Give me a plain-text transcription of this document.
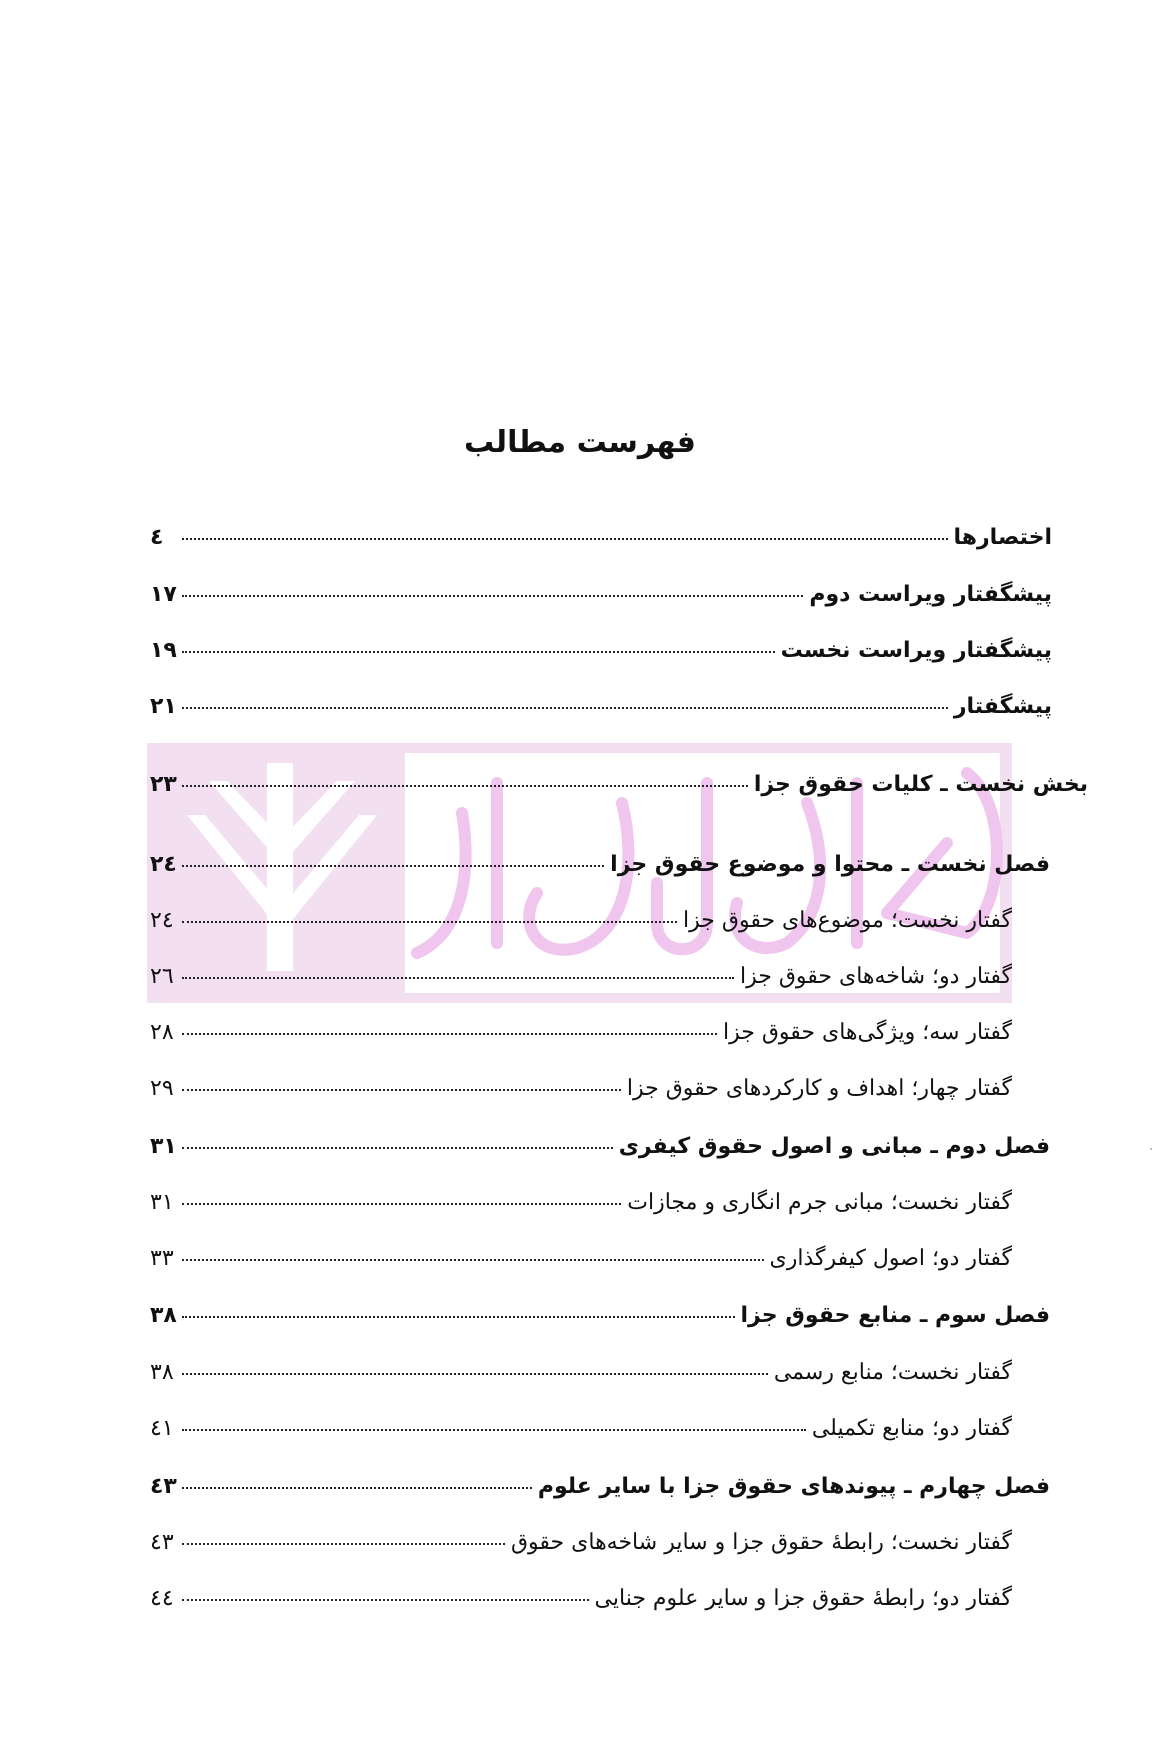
فهرست مطالب
اختصارها
٤
پیشگفتار ویراست دوم
۱۷
پیشگفتار ویراست نخست
۱۹
پیشگفتار
۲۱
بخش نخست ـ کلیات حقوق جزا
۲۳
فصل نخست ـ محتوا و موضوع حقوق جزا
۲٤
گفتار نخست؛ موضوع‌های حقوق جزا
۲٤
گفتار دو؛ شاخه‌های حقوق جزا
۲٦
گفتار سه؛ ویژگی‌های حقوق جزا
۲۸
گفتار چهار؛ اهداف و کارکردهای حقوق جزا
۲۹
فصل دوم ـ مبانی و اصول حقوق کیفری
۳۱
گفتار نخست؛ مبانی جرم انگاری و مجازات
۳۱
گفتار دو؛ اصول کیفرگذاری
۳۳
فصل سوم ـ منابع حقوق جزا
۳۸
گفتار نخست؛ منابع رسمی
۳۸
گفتار دو؛ منابع تکمیلی
٤۱
فصل چهارم ـ پیوندهای حقوق جزا با سایر علوم
٤۳
گفتار نخست؛ رابطهٔ حقوق جزا و سایر شاخه‌های حقوق
٤۳
گفتار دو؛ رابطهٔ حقوق جزا و سایر علوم جنایی
٤٤
